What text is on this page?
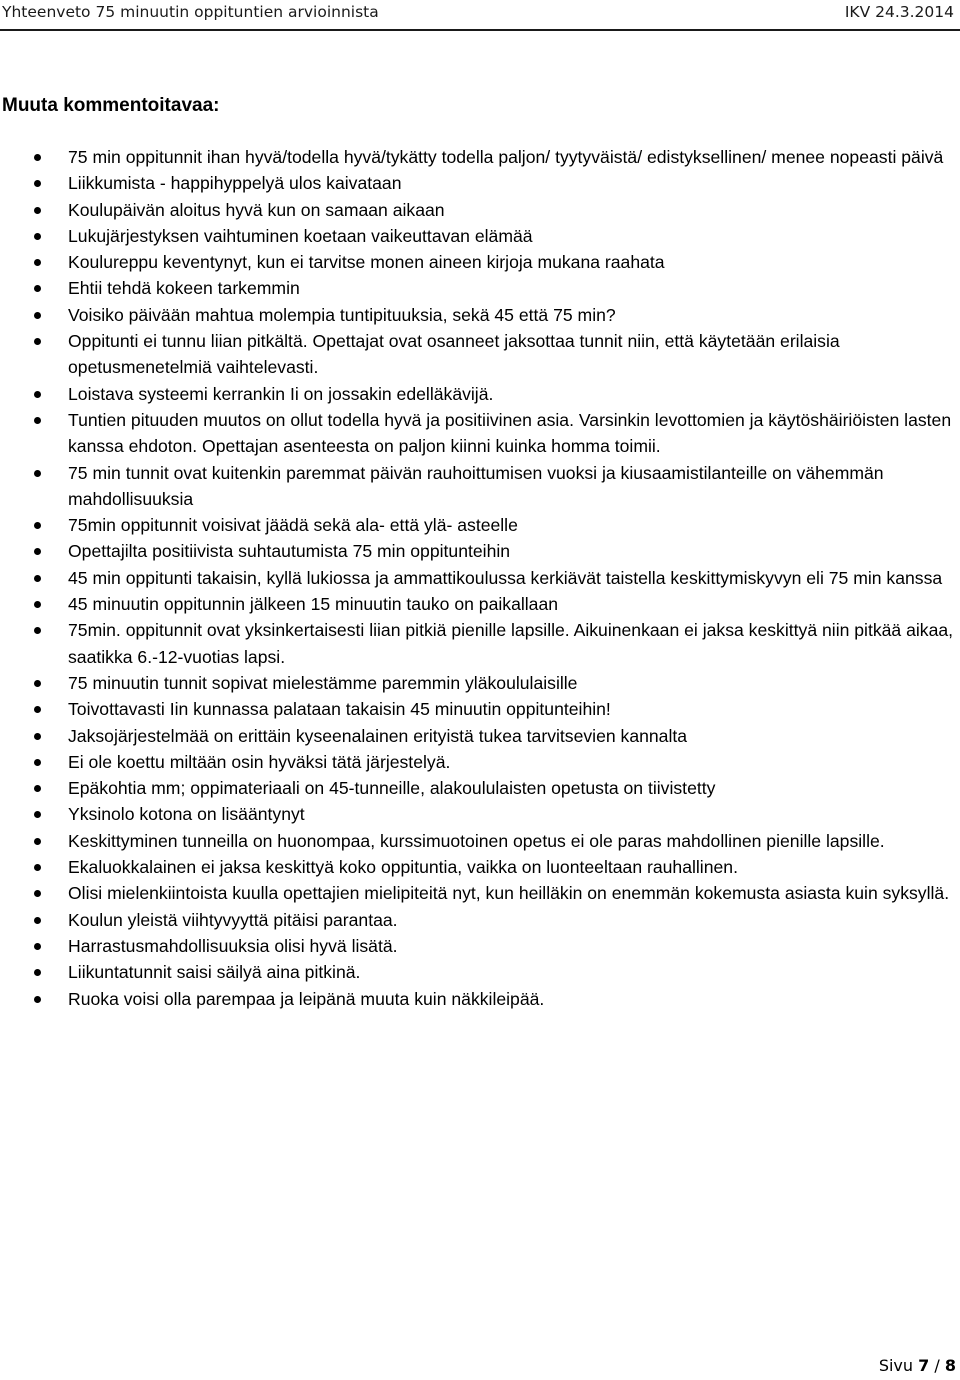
Yhteenveto 75 minuutin oppituntien arvioinnista	IKV 24.3.2014
Muuta kommentoitavaa:
75 min oppitunnit ihan hyvä/todella hyvä/tykätty todella paljon/ tyytyväistä/ edistyksellinen/ menee nopeasti päivä
Liikkumista - happihyppelyä ulos kaivataan
Koulupäivän aloitus hyvä kun on samaan aikaan
Lukujärjestyksen vaihtuminen koetaan vaikeuttavan elämää
Koulureppu keventynyt, kun ei tarvitse monen aineen kirjoja mukana raahata
Ehtii tehdä kokeen tarkemmin
Voisiko päivään mahtua molempia tuntipituuksia, sekä 45 että 75 min?
Oppitunti ei tunnu liian pitkältä. Opettajat ovat osanneet jaksottaa tunnit niin, että käytetään erilaisia opetusmenetelmiä vaihtelevasti.
Loistava systeemi kerrankin Ii on jossakin edelläkävijä.
Tuntien pituuden muutos on ollut todella hyvä ja positiivinen asia. Varsinkin levottomien ja käytöshäiriöisten lasten kanssa ehdoton. Opettajan asenteesta on paljon kiinni kuinka homma toimii.
75 min tunnit ovat kuitenkin paremmat päivän rauhoittumisen vuoksi ja kiusaamistilanteille on vähemmän mahdollisuuksia
75min oppitunnit voisivat jäädä sekä ala- että ylä- asteelle
Opettajilta positiivista suhtautumista 75 min oppitunteihin
45 min oppitunti takaisin, kyllä lukiossa ja ammattikoulussa kerkiävät taistella keskittymiskyvyn eli 75 min kanssa
45 minuutin oppitunnin jälkeen 15 minuutin tauko on paikallaan
75min. oppitunnit ovat yksinkertaisesti liian pitkiä pienille lapsille. Aikuinenkaan ei jaksa keskittyä niin pitkää aikaa, saatikka 6.-12-vuotias lapsi.
75 minuutin tunnit sopivat mielestämme paremmin yläkoululaisille
Toivottavasti Iin kunnassa palataan takaisin 45 minuutin oppitunteihin!
Jaksojärjestelmää on erittäin kyseenalainen erityistä tukea tarvitsevien kannalta
Ei ole koettu miltään osin hyväksi tätä järjestelyä.
Epäkohtia mm; oppimateriaali on 45-tunneille, alakoululaisten opetusta on tiivistetty
Yksinolo kotona on lisääntynyt
Keskittyminen tunneilla on huonompaa, kurssimuotoinen opetus ei ole paras mahdollinen pienille lapsille.
Ekaluokkalainen ei jaksa keskittyä koko oppituntia, vaikka on luonteeltaan rauhallinen.
Olisi mielenkiintoista kuulla opettajien mielipiteitä nyt, kun heilläkin on enemmän kokemusta asiasta kuin syksyllä.
Koulun yleistä viihtyvyyttä pitäisi parantaa.
Harrastusmahdollisuuksia olisi hyvä lisätä.
Liikuntatunnit saisi säilyä aina pitkinä.
Ruoka voisi olla parempaa ja leipänä muuta kuin näkkileipää.
Sivu 7 / 8
